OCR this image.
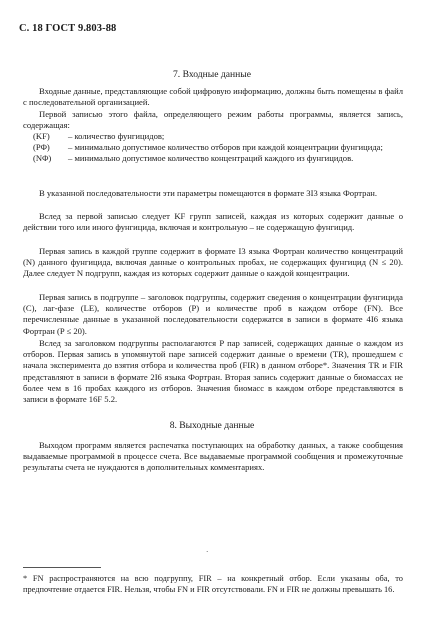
С. 18 ГОСТ 9.803-88
7. Входные данные

Входные данные, представляющие собой цифровую информацию, должны быть помещены в файл с последовательной организацией.

Первой записью этого файла, определяющего режим работы программы, является запись, содержащая:

(KF)	– количество фунгицидов;
(PΦ)	– минимально допустимое количество отборов при каждой концентрации фунгицида;
(NΦ)	– минимально допустимое количество концентраций каждого из фунгицидов.

В указанной последовательности эти параметры помещаются в формате 3I3 языка Фортран.

Вслед за первой записью следует KF групп записей, каждая из которых содержит данные о действии того или иного фунгицида, включая и контрольную – не содержащую фунгицид.

Первая запись в каждой группе содержит в формате I3 языка Фортран количество концентраций (N) данного фунгицида, включая данные о контрольных пробах, не содержащих фунгицид (N ≤ 20). Далее следует N подгрупп, каждая из которых содержит данные о каждой концентрации.

Первая запись в подгруппе – заголовок подгруппы, содержит сведения о концентрации фунгицида (C), лаг-фазе (LE), количестве отборов (P) и количестве проб в каждом отборе (FN). Все перечисленные данные в указанной последовательности содержатся в записи в формате 4I6 языка Фортран (P ≤ 20).

Вслед за заголовком подгруппы располагаются P пар записей, содержащих данные о каждом из отборов. Первая запись в упомянутой паре записей содержит данные о времени (TR), прошедшем с начала эксперимента до взятия отбора и количества проб (FIR) в данном отборе*. Значения TR и FIR представляют в записи в формате 2I6 языка Фортран. Вторая запись содержит данные о биомассах не более чем в 16 пробах каждого из отборов. Значения биомасс в каждом отборе представляются в записи в формате 16F 5.2.

8. Выходные данные

Выходом программ является распечатка поступающих на обработку данных, а также сообщения выдаваемые программой в процессе счета. Все выдаваемые программой сообщения и промежуточные результаты счета не нуждаются в дополнительных комментариях.

·

* FN распространяются на всю подгруппу, FIR – на конкретный отбор. Если указаны оба, то предпочтение отдается FIR. Нельзя, чтобы FN и FIR отсутствовали. FN и FIR не должны превышать 16.
